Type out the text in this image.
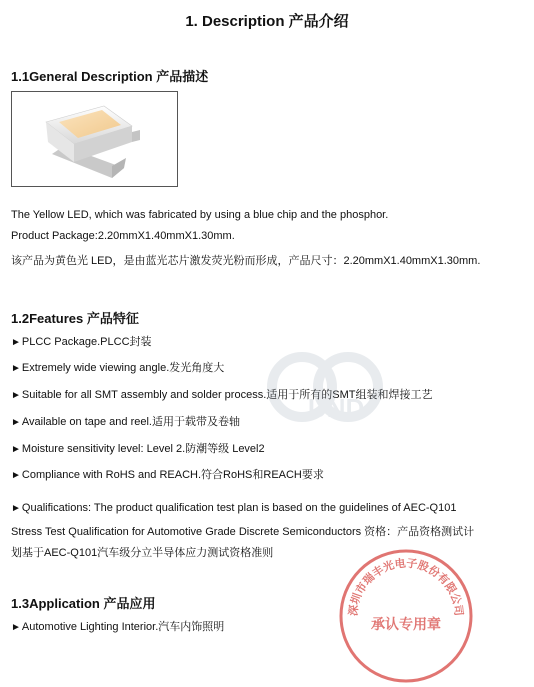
1. Description 产品介绍
1.1General Description 产品描述
The Yellow LED, which was fabricated by using a blue chip and the phosphor.
Product Package:2.20mmX1.40mmX1.30mm.
该产品为黄色光 LED，是由蓝光芯片激发荧光粉而形成，产品尺寸：2.20mmX1.40mmX1.30mm.
1.2Features 产品特征
►PLCC Package.PLCC封装
►Extremely wide viewing angle.发光角度大
►Suitable for all SMT assembly and solder process.适用于所有的SMT组装和焊接工艺
►Available on tape and reel.适用于载带及卷轴
►Moisture sensitivity level: Level 2.防潮等级 Level2
►Compliance with RoHS and REACH.符合RoHS和REACH要求
►Qualifications: The product qualification test plan is based on the guidelines of AEC-Q101
Stress Test Qualification for Automotive Grade Discrete Semiconductors 资格：产品资格测试计
划基于AEC-Q101汽车级分立半导体应力测试资格准则
1.3Application 产品应用
►Automotive Lighting Interior.汽车内饰照明
UND
深圳市瑞丰光电子股份有限公司
承认专用章
